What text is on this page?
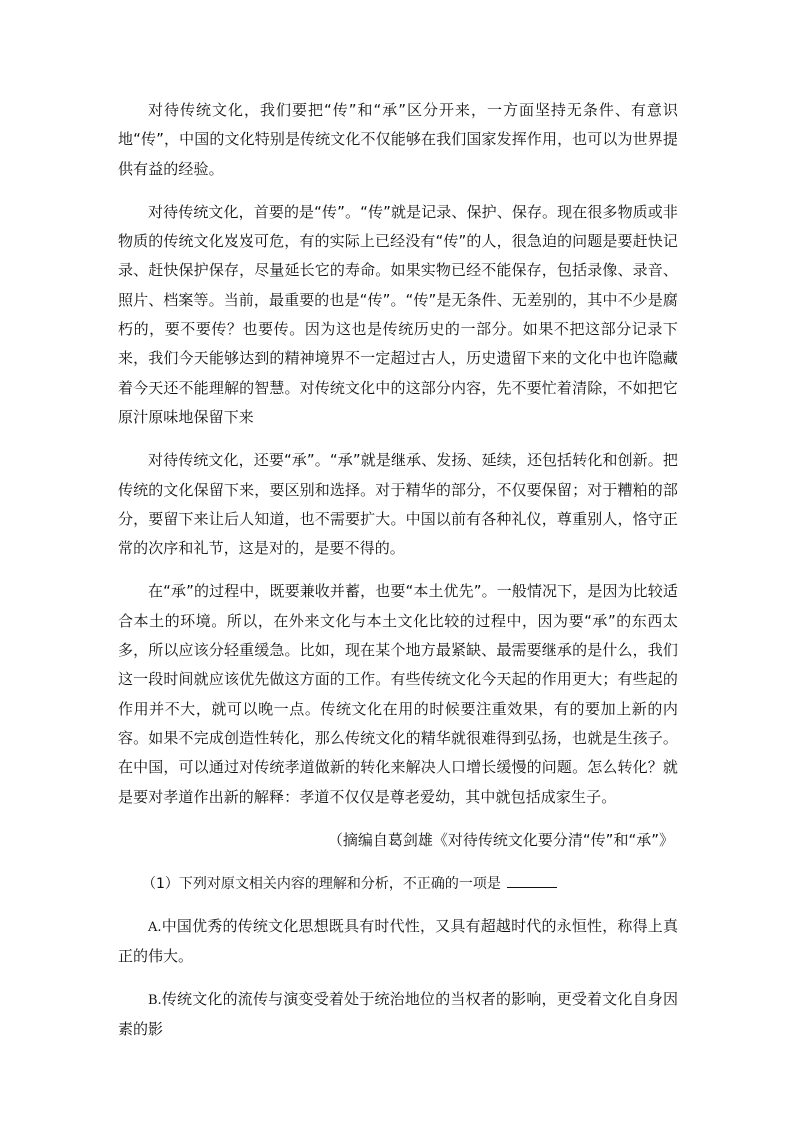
对待传统文化，我们要把“传”和“承”区分开来，一方面坚持无条件、有意识地“传”，中国的文化特别是传统文化不仅能够在我们国家发挥作用，也可以为世界提供有益的经验。

对待传统文化，首要的是“传”。“传”就是记录、保护、保存。现在很多物质或非物质的传统文化岌岌可危，有的实际上已经没有“传”的人，很急迫的问题是要赶快记录、赶快保护保存，尽量延长它的寿命。如果实物已经不能保存，包括录像、录音、照片、档案等。当前，最重要的也是“传”。“传”是无条件、无差别的，其中不少是腐朽的，要不要传？也要传。因为这也是传统历史的一部分。如果不把这部分记录下来，我们今天能够达到的精神境界不一定超过古人，历史遗留下来的文化中也许隐藏着今天还不能理解的智慧。对传统文化中的这部分内容，先不要忙着清除，不如把它原汁原味地保留下来

对待传统文化，还要“承”。“承”就是继承、发扬、延续，还包括转化和创新。把传统的文化保留下来，要区别和选择。对于精华的部分，不仅要保留；对于糟粕的部分，要留下来让后人知道，也不需要扩大。中国以前有各种礼仪，尊重别人，恪守正常的次序和礼节，这是对的，是要不得的。

在“承”的过程中，既要兼收并蓄，也要“本土优先”。一般情况下，是因为比较适合本土的环境。所以，在外来文化与本土文化比较的过程中，因为要“承”的东西太多，所以应该分轻重缓急。比如，现在某个地方最紧缺、最需要继承的是什么，我们这一段时间就应该优先做这方面的工作。有些传统文化今天起的作用更大；有些起的作用并不大，就可以晚一点。传统文化在用的时候要注重效果，有的要加上新的内容。如果不完成创造性转化，那么传统文化的精华就很难得到弘扬，也就是生孩子。在中国，可以通过对传统孝道做新的转化来解决人口增长缓慢的问题。怎么转化？就是要对孝道作出新的解释：孝道不仅仅是尊老爱幼，其中就包括成家生子。

（摘编自葛剑雄《对待传统文化要分清“传”和“承”》

（1）下列对原文相关内容的理解和分析，不正确的一项是

A.中国优秀的传统文化思想既具有时代性，又具有超越时代的永恒性，称得上真正的伟大。

B.传统文化的流传与演变受着处于统治地位的当权者的影响，更受着文化自身因素的影
